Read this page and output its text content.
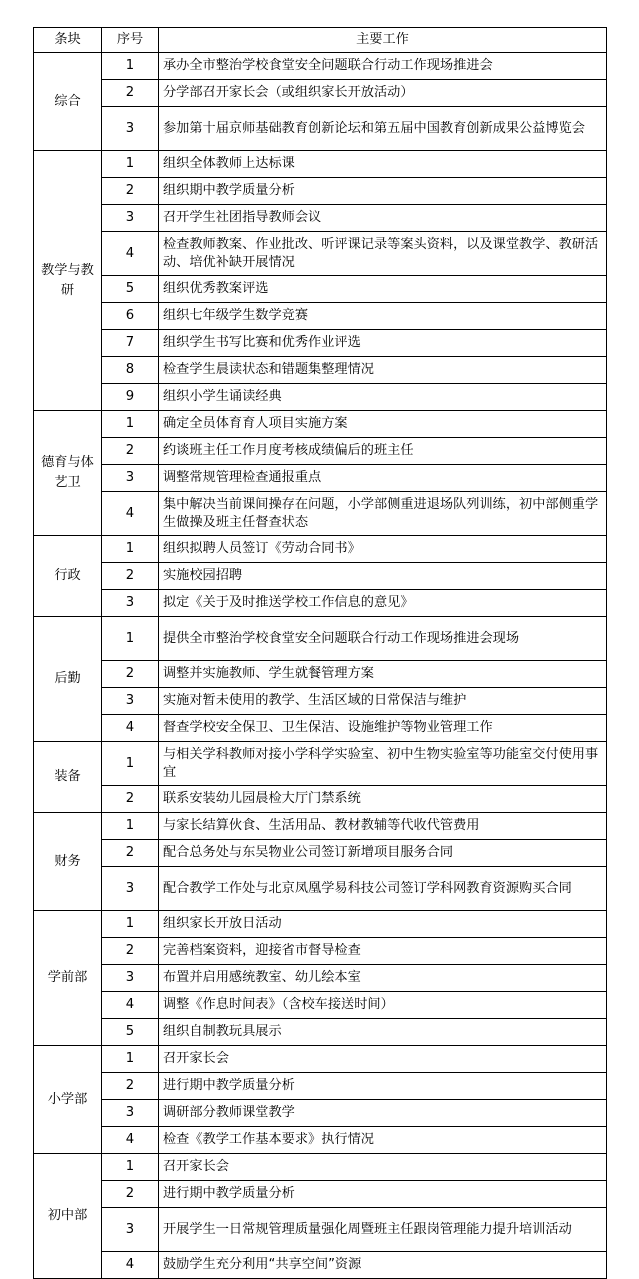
条块	序号	主要工作
综合	1	承办全市整治学校食堂安全问题联合行动工作现场推进会
	2	分学部召开家长会（或组织家长开放活动）
	3	参加第十届京师基础教育创新论坛和第五届中国教育创新成果公益博览会
教学与教研	1	组织全体教师上达标课
	2	组织期中教学质量分析
	3	召开学生社团指导教师会议
	4	检查教师教案、作业批改、听评课记录等案头资料，以及课堂教学、教研活动、培优补缺开展情况
	5	组织优秀教案评选
	6	组织七年级学生数学竞赛
	7	组织学生书写比赛和优秀作业评选
	8	检查学生晨读状态和错题集整理情况
	9	组织小学生诵读经典
德育与体艺卫	1	确定全员体育育人项目实施方案
	2	约谈班主任工作月度考核成绩偏后的班主任
	3	调整常规管理检查通报重点
	4	集中解决当前课间操存在问题，小学部侧重进退场队列训练，初中部侧重学生做操及班主任督查状态
行政	1	组织拟聘人员签订《劳动合同书》
	2	实施校园招聘
	3	拟定《关于及时推送学校工作信息的意见》
后勤	1	提供全市整治学校食堂安全问题联合行动工作现场推进会现场
	2	调整并实施教师、学生就餐管理方案
	3	实施对暂未使用的教学、生活区域的日常保洁与维护
	4	督查学校安全保卫、卫生保洁、设施维护等物业管理工作
装备	1	与相关学科教师对接小学科学实验室、初中生物实验室等功能室交付使用事宜
	2	联系安装幼儿园晨检大厅门禁系统
财务	1	与家长结算伙食、生活用品、教材教辅等代收代管费用
	2	配合总务处与东吴物业公司签订新增项目服务合同
	3	配合教学工作处与北京凤凰学易科技公司签订学科网教育资源购买合同
学前部	1	组织家长开放日活动
	2	完善档案资料，迎接省市督导检查
	3	布置并启用感统教室、幼儿绘本室
	4	调整《作息时间表》（含校车接送时间）
	5	组织自制教玩具展示
小学部	1	召开家长会
	2	进行期中教学质量分析
	3	调研部分教师课堂教学
	4	检查《教学工作基本要求》执行情况
初中部	1	召开家长会
	2	进行期中教学质量分析
	3	开展学生一日常规管理质量强化周暨班主任跟岗管理能力提升培训活动
	4	鼓励学生充分利用“共享空间”资源
